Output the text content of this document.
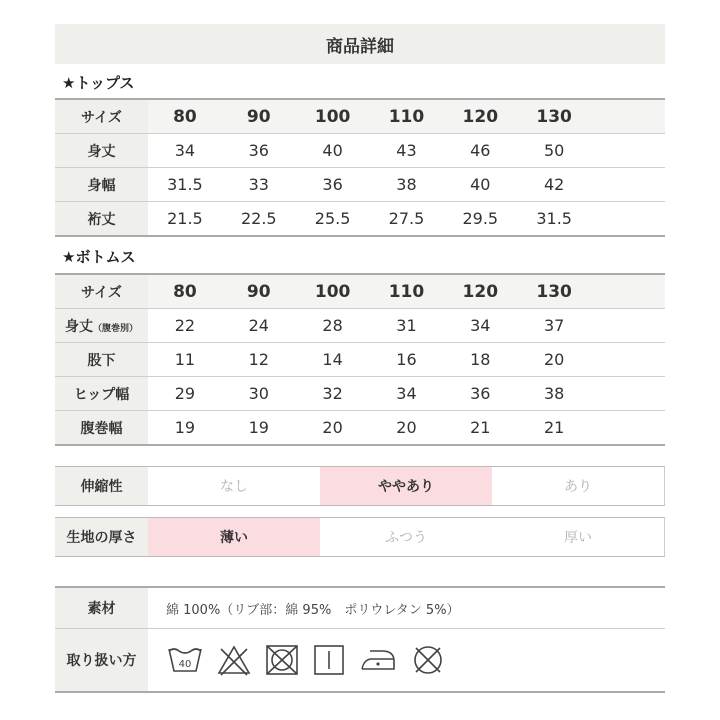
商品詳細
★トップス
サイズ	80	90	100	110	120	130	
身丈	34	36	40	43	46	50	
身幅	31.5	33	36	38	40	42	
裄丈	21.5	22.5	25.5	27.5	29.5	31.5	
★ボトムス
サイズ	80	90	100	110	120	130	
身丈（腹巻別）	22	24	28	31	34	37	
股下	11	12	14	16	18	20	
ヒップ幅	29	30	32	34	36	38	
腹巻幅	19	19	20	20	21	21	
伸縮性	なし	ややあり	あり
生地の厚さ	薄い	ふつう	厚い
素材	綿 100%（リブ部：綿 95%　ポリウレタン 5%）
取り扱い方	40
